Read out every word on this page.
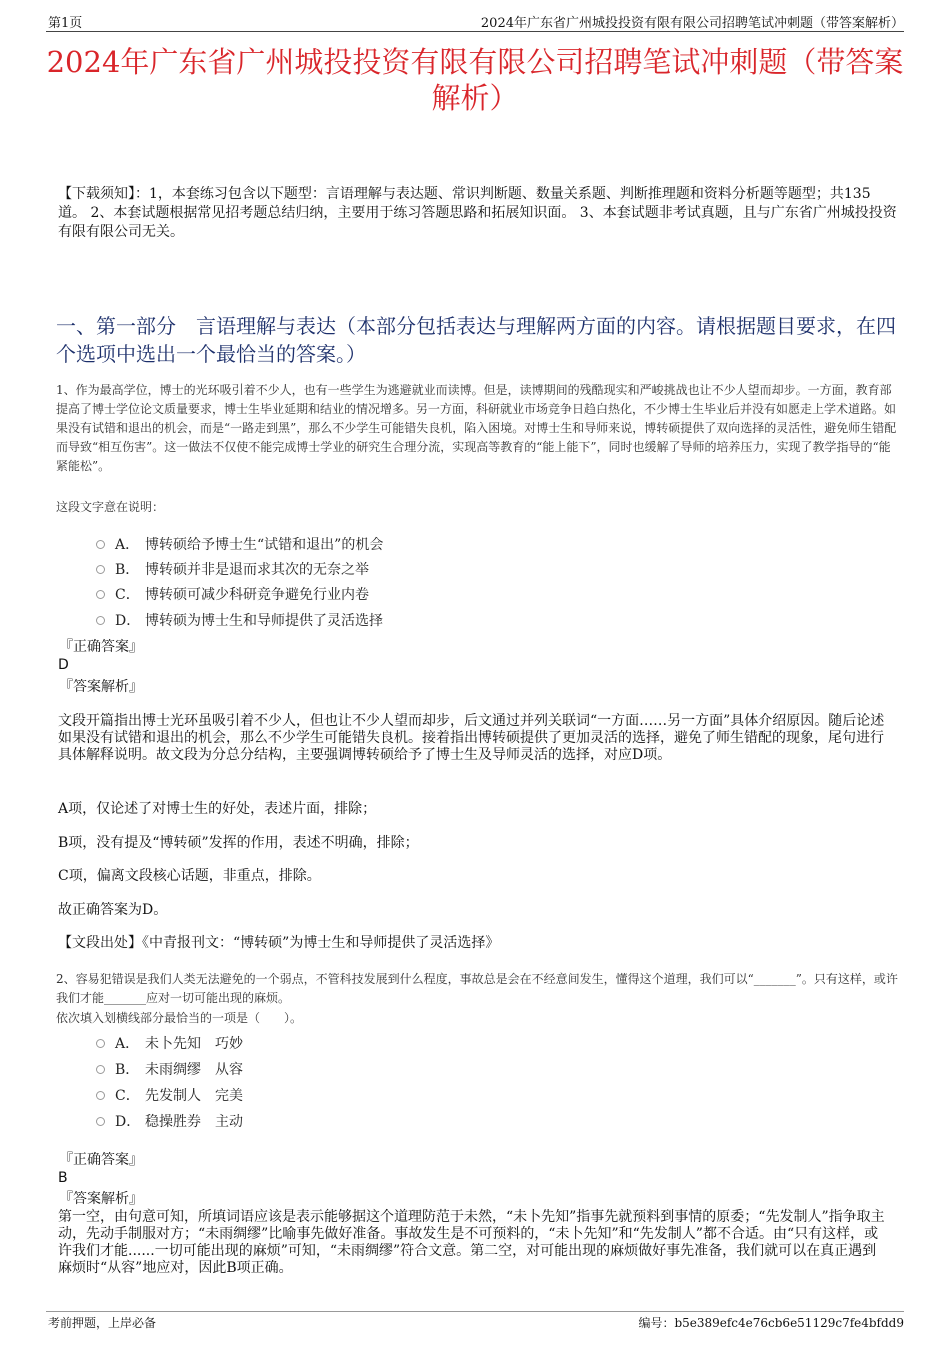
第1页	2024年广东省广州城投投资有限有限公司招聘笔试冲刺题（带答案解析）
2024年广东省广州城投投资有限有限公司招聘笔试冲刺题（带答案解析）
【下载须知】：1，本套练习包含以下题型：言语理解与表达题、常识判断题、数量关系题、判断推理题和资料分析题等题型；共135道。 2、本套试题根据常见招考题总结归纳，主要用于练习答题思路和拓展知识面。 3、本套试题非考试真题，且与广东省广州城投投资有限有限公司无关。
一、第一部分　言语理解与表达（本部分包括表达与理解两方面的内容。请根据题目要求，在四个选项中选出一个最恰当的答案。）
1、作为最高学位，博士的光环吸引着不少人，也有一些学生为逃避就业而读博。但是，读博期间的残酷现实和严峻挑战也让不少人望而却步。一方面，教育部提高了博士学位论文质量要求，博士生毕业延期和结业的情况增多。另一方面，科研就业市场竞争日趋白热化，不少博士生毕业后并没有如愿走上学术道路。如果没有试错和退出的机会，而是“一路走到黑”，那么不少学生可能错失良机，陷入困境。对博士生和导师来说，博转硕提供了双向选择的灵活性，避免师生错配而导致“相互伤害”。这一做法不仅使不能完成博士学业的研究生合理分流，实现高等教育的“能上能下”，同时也缓解了导师的培养压力，实现了教学指导的“能紧能松”。
这段文字意在说明：
A． 博转硕给予博士生“试错和退出”的机会
B． 博转硕并非是退而求其次的无奈之举
C． 博转硕可减少科研竞争避免行业内卷
D． 博转硕为博士生和导师提供了灵活选择
『正确答案』
D
『答案解析』
文段开篇指出博士光环虽吸引着不少人，但也让不少人望而却步，后文通过并列关联词“一方面……另一方面”具体介绍原因。随后论述如果没有试错和退出的机会，那么不少学生可能错失良机。接着指出博转硕提供了更加灵活的选择，避免了师生错配的现象，尾句进行具体解释说明。故文段为分总分结构，主要强调博转硕给予了博士生及导师灵活的选择，对应D项。
A项，仅论述了对博士生的好处，表述片面，排除；
B项，没有提及“博转硕”发挥的作用，表述不明确，排除；
C项，偏离文段核心话题，非重点，排除。
故正确答案为D。
【文段出处】《中青报刊文：“博转硕”为博士生和导师提供了灵活选择》
2、容易犯错误是我们人类无法避免的一个弱点，不管科技发展到什么程度，事故总是会在不经意间发生，懂得这个道理，我们可以“_______”。只有这样，或许我们才能_______应对一切可能出现的麻烦。
依次填入划横线部分最恰当的一项是（　　）。
A． 未卜先知　巧妙
B． 未雨绸缪　从容
C． 先发制人　完美
D． 稳操胜券　主动
『正确答案』
B
『答案解析』
第一空，由句意可知，所填词语应该是表示能够据这个道理防范于未然，“未卜先知”指事先就预料到事情的原委；“先发制人”指争取主动，先动手制服对方；“未雨绸缪”比喻事先做好准备。事故发生是不可预料的，“未卜先知”和“先发制人”都不合适。由“只有这样，或许我们才能......一切可能出现的麻烦”可知，“未雨绸缪”符合文意。第二空，对可能出现的麻烦做好事先准备，我们就可以在真正遇到麻烦时“从容”地应对，因此B项正确。
考前押题，上岸必备	编号：b5e389efc4e76cb6e51129c7fe4bfdd9
